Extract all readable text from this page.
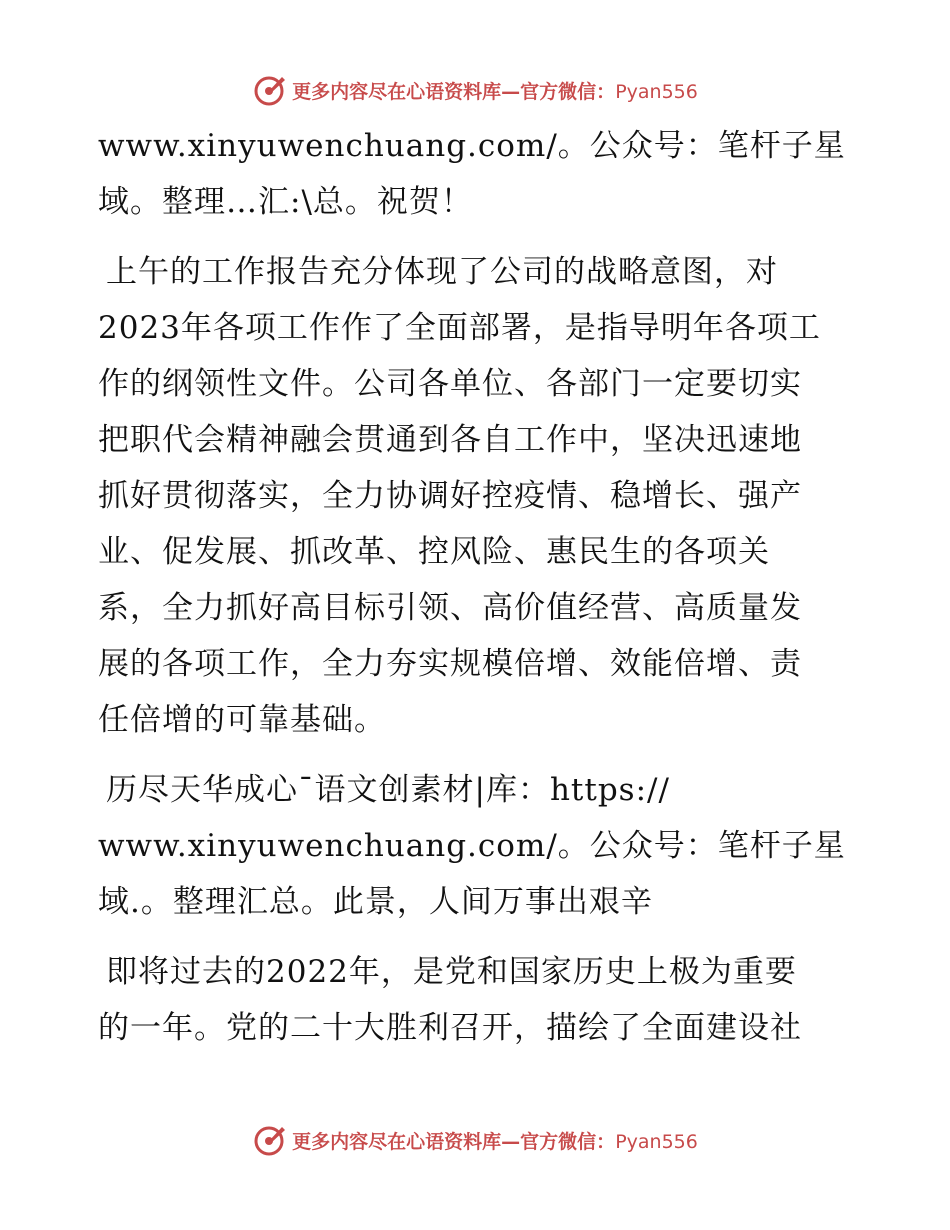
更多内容尽在心语资料库—官方微信：Pyan556
www.xinyuwenchuang.com/。公众号：笔杆子星
域。整理…汇:\总。祝贺！
上午的工作报告充分体现了公司的战略意图，对
2023年各项工作作了全面部署，是指导明年各项工
作的纲领性文件。公司各单位、各部门一定要切实
把职代会精神融会贯通到各自工作中，坚决迅速地
抓好贯彻落实，全力协调好控疫情、稳增长、强产
业、促发展、抓改革、控风险、惠民生的各项关
系，全力抓好高目标引领、高价值经营、高质量发
展的各项工作，全力夯实规模倍增、效能倍增、责
任倍增的可靠基础。
历尽天华成心¯语文创素材|库：https://
www.xinyuwenchuang.com/。公众号：笔杆子星
域.。整理汇总。此景，人间万事出艰辛
即将过去的2022年，是党和国家历史上极为重要
的一年。党的二十大胜利召开，描绘了全面建设社
更多内容尽在心语资料库—官方微信：Pyan556
